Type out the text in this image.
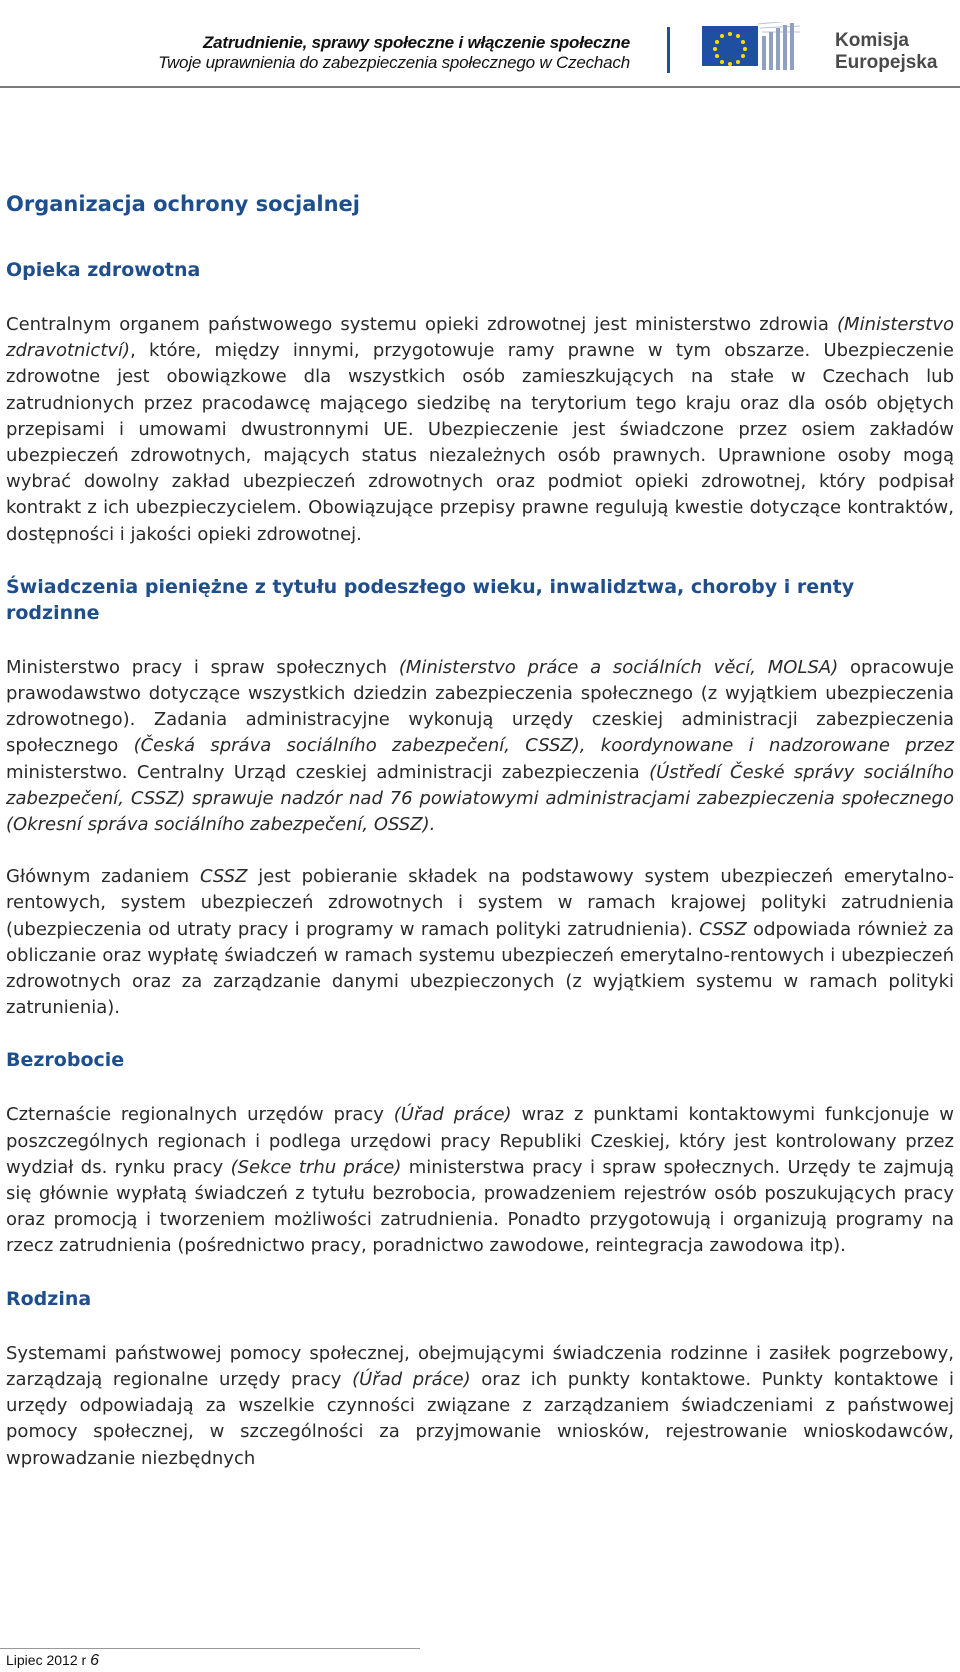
Zatrudnienie, sprawy społeczne i włączenie społeczne
Twoje uprawnienia do zabezpieczenia społecznego w Czechach
Komisja
Europejska
Organizacja ochrony socjalnej
Opieka zdrowotna

Centralnym organem państwowego systemu opieki zdrowotnej jest ministerstwo zdrowia (Ministerstvo zdravotnictví), które, między innymi, przygotowuje ramy prawne w tym obszarze. Ubezpieczenie zdrowotne jest obowiązkowe dla wszystkich osób zamieszkujących na stałe w Czechach lub zatrudnionych przez pracodawcę mającego siedzibę na terytorium tego kraju oraz dla osób objętych przepisami i umowami dwustronnymi UE. Ubezpieczenie jest świadczone przez osiem zakładów ubezpieczeń zdrowotnych, mających status niezależnych osób prawnych. Uprawnione osoby mogą wybrać dowolny zakład ubezpieczeń zdrowotnych oraz podmiot opieki zdrowotnej, który podpisał kontrakt z ich ubezpieczycielem. Obowiązujące przepisy prawne regulują kwestie dotyczące kontraktów, dostępności i jakości opieki zdrowotnej.

Świadczenia pieniężne z tytułu podeszłego wieku, inwalidztwa, choroby i renty rodzinne

Ministerstwo pracy i spraw społecznych (Ministerstvo práce a sociálních věcí, MOLSA) opracowuje prawodawstwo dotyczące wszystkich dziedzin zabezpieczenia społecznego (z wyjątkiem ubezpieczenia zdrowotnego). Zadania administracyjne wykonują urzędy czeskiej administracji zabezpieczenia społecznego (Česká správa sociálního zabezpečení, CSSZ), koordynowane i nadzorowane przez ministerstwo. Centralny Urząd czeskiej administracji zabezpieczenia (Ústředí České správy sociálního zabezpečení, CSSZ) sprawuje nadzór nad 76 powiatowymi administracjami zabezpieczenia społecznego (Okresní správa sociálního zabezpečení, OSSZ).

Głównym zadaniem CSSZ jest pobieranie składek na podstawowy system ubezpieczeń emerytalno-rentowych, system ubezpieczeń zdrowotnych i system w ramach krajowej polityki zatrudnienia (ubezpieczenia od utraty pracy i programy w ramach polityki zatrudnienia). CSSZ odpowiada również za obliczanie oraz wypłatę świadczeń w ramach systemu ubezpieczeń emerytalno-rentowych i ubezpieczeń zdrowotnych oraz za zarządzanie danymi ubezpieczonych (z wyjątkiem systemu w ramach polityki zatrunienia).

Bezrobocie

Czternaście regionalnych urzędów pracy (Úřad práce) wraz z punktami kontaktowymi funkcjonuje w poszczególnych regionach i podlega urzędowi pracy Republiki Czeskiej, który jest kontrolowany przez wydział ds. rynku pracy (Sekce trhu práce) ministerstwa pracy i spraw społecznych. Urzędy te zajmują się głównie wypłatą świadczeń z tytułu bezrobocia, prowadzeniem rejestrów osób poszukujących pracy oraz promocją i tworzeniem możliwości zatrudnienia. Ponadto przygotowują i organizują programy na rzecz zatrudnienia (pośrednictwo pracy, poradnictwo zawodowe, reintegracja zawodowa itp).

Rodzina

Systemami państwowej pomocy społecznej, obejmującymi świadczenia rodzinne i zasiłek pogrzebowy, zarządzają regionalne urzędy pracy (Úřad práce) oraz ich punkty kontaktowe. Punkty kontaktowe i urzędy odpowiadają za wszelkie czynności związane z zarządzaniem świadczeniami z państwowej pomocy społecznej, w szczególności za przyjmowanie wniosków, rejestrowanie wnioskodawców, wprowadzanie niezbędnych

Lipiec 2012 r 6
